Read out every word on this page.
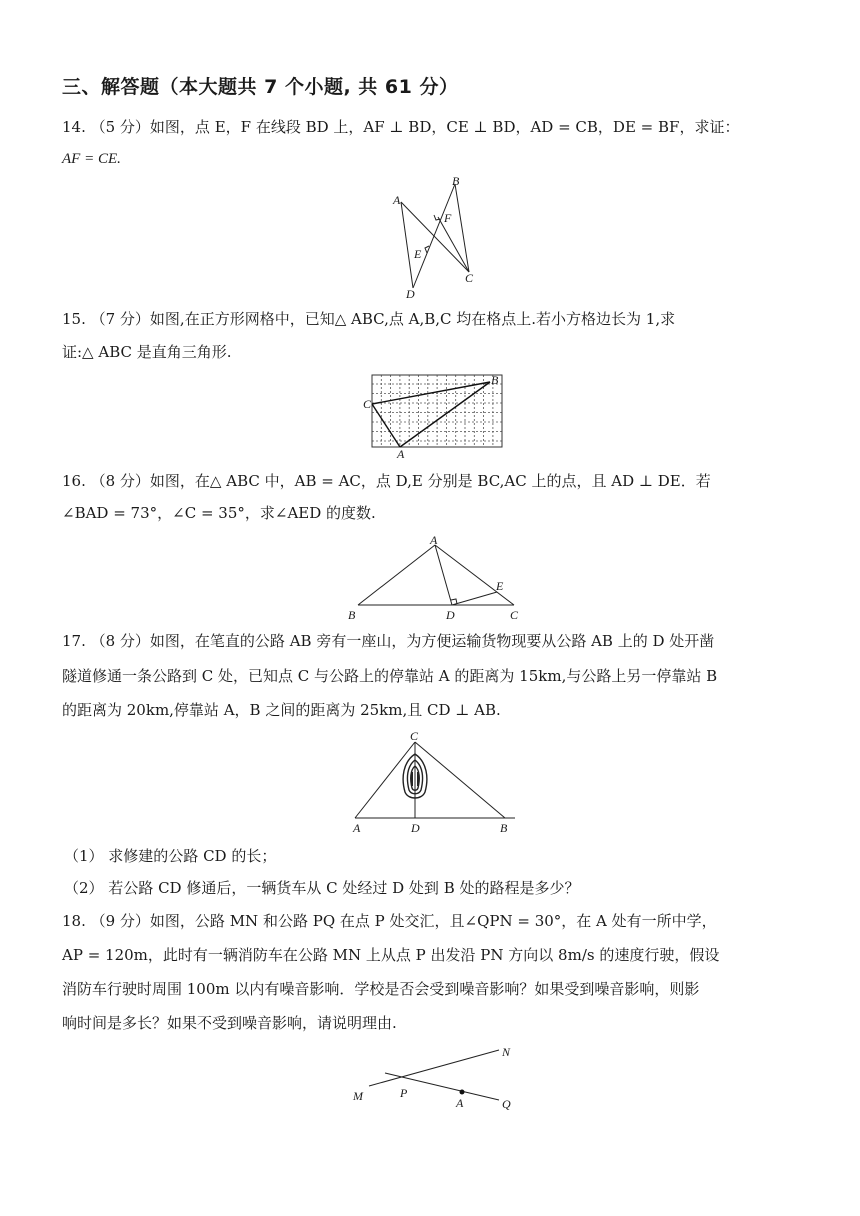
三、解答题（本大题共 7 个小题, 共 61 分）
14. （5 分）如图，点 E，F 在线段 BD 上，AF ⊥ BD，CE ⊥ BD，AD = CB，DE = BF，求证：
AF = CE.
A
B
C
D
E
F
15. （7 分）如图,在正方形网格中，已知△ ABC,点 A,B,C 均在格点上.若小方格边长为 1,求
证:△ ABC 是直角三角形.
C
B
A
16. （8 分）如图，在△ ABC 中，AB = AC，点 D,E 分别是 BC,AC 上的点，且 AD ⊥ DE．若
∠BAD = 73°，∠C = 35°，求∠AED 的度数.
B
A
D	C
E
17. （8 分）如图，在笔直的公路 AB 旁有一座山，为方便运输货物现要从公路 AB 上的 D 处开凿
隧道修通一条公路到 C 处，已知点 C 与公路上的停靠站 A 的距离为 15km,与公路上另一停靠站 B
的距离为 20km,停靠站 A，B 之间的距离为 25km,且 CD ⊥ AB.
C
A	D	B
（1） 求修建的公路 CD 的长；
（2） 若公路 CD 修通后，一辆货车从 C 处经过 D 处到 B 处的路程是多少？
18. （9 分）如图，公路 MN 和公路 PQ 在点 P 处交汇，且∠QPN = 30°，在 A 处有一所中学，
AP = 120m，此时有一辆消防车在公路 MN 上从点 P 出发沿 PN 方向以 8m/s 的速度行驶，假设
消防车行驶时周围 100m 以内有噪音影响．学校是否会受到噪音影响？如果受到噪音影响，则影
响时间是多长？如果不受到噪音影响，请说明理由.
N
M	P
A	Q
